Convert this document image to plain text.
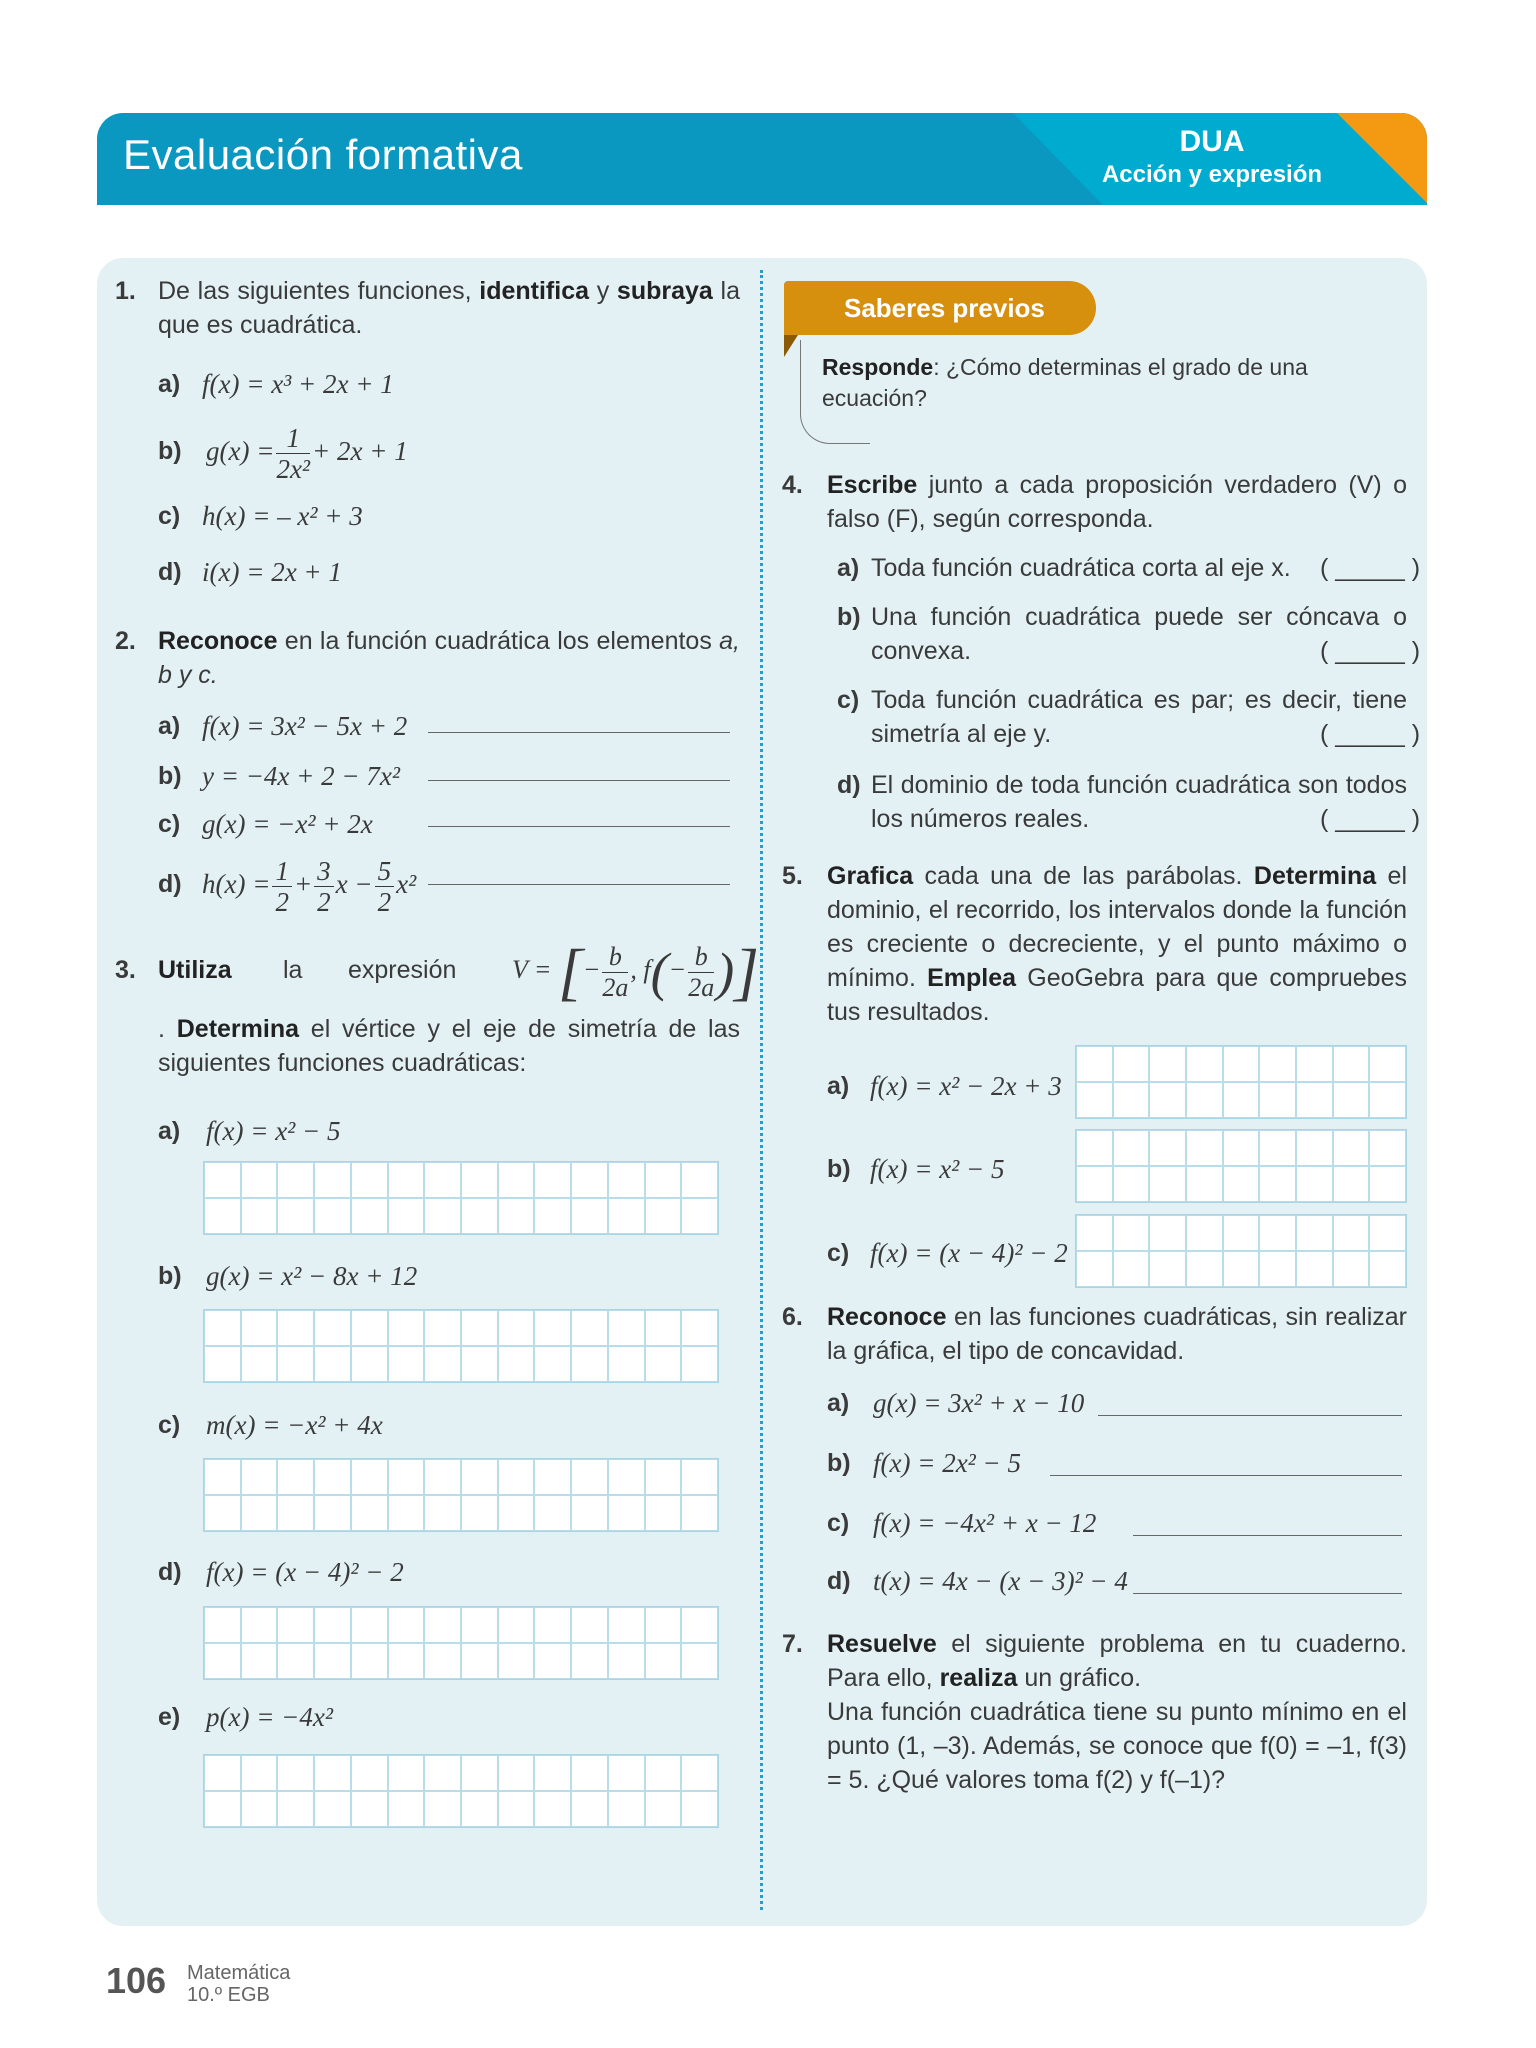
Evaluación formativa	DUA
Acción y expresión
1. De las siguientes funciones, identifica y subraya la que es cuadrática.
a) f(x) = x³ + 2x + 1
b) $g(x) = \frac{1}{\text{2x²}} + 2x + 1$
c) h(x) = – x² + 3
d) i(x) = 2x + 1
2. Reconoce en la función cuadrática los elementos a, b y c.
a) f(x) = 3x² − 5x + 2
b) y = −4x + 2 − 7x²
c) g(x) = −x² + 2x
d) $h(x) = \frac{1}{2} + \frac{3}{2}$ $x - \frac{5}{2} x^2$
3. Utiliza la expresión V = [− $\frac{b}{2a}$ , $f(- \frac{b}{2a}$ )]
. Determina el vértice y el eje de simetría de las siguientes funciones cuadráticas:
a) f(x) = x² − 5
b) g(x) = x² − 8x + 12
c) m(x) = −x² + 4x
d) f(x) = (x − 4)² − 2
e) p(x) = −4x²
Saberes previos
Responde: ¿Cómo determinas el grado de una ecuación?
4. Escribe junto a cada proposición verdadero (V) o falso (F), según corresponda.
a) Toda función cuadrática corta al eje x.	( _____ )
b) Una función cuadrática puede ser cóncava o convexa.	( _____ )
c) Toda función cuadrática es par; es decir, tiene simetría al eje y.	( _____ )
d) El dominio de toda función cuadrática son todos los números reales.	( _____ )
5. Grafica cada una de las parábolas. Determina el dominio, el recorrido, los intervalos donde la función es creciente o decreciente, y el punto máximo o mínimo. Emplea GeoGebra para que compruebes tus resultados.
a) f(x) = x² − 2x + 3
b) f(x) = x² − 5
c) f(x) = (x − 4)² − 2
6. Reconoce en las funciones cuadráticas, sin realizar la gráfica, el tipo de concavidad.
a) g(x) = 3x² + x − 10
b) f(x) = 2x² − 5
c) f(x) = −4x² + x − 12
d) t(x) = 4x − (x − 3)² − 4
7. Resuelve el siguiente problema en tu cuaderno. Para ello, realiza un gráfico.
Una función cuadrática tiene su punto mínimo en el punto (1, –3). Además, se conoce que f(0) = –1, f(3) = 5. ¿Qué valores toma f(2) y f(–1)?
106 Matemática
10.º EGB
